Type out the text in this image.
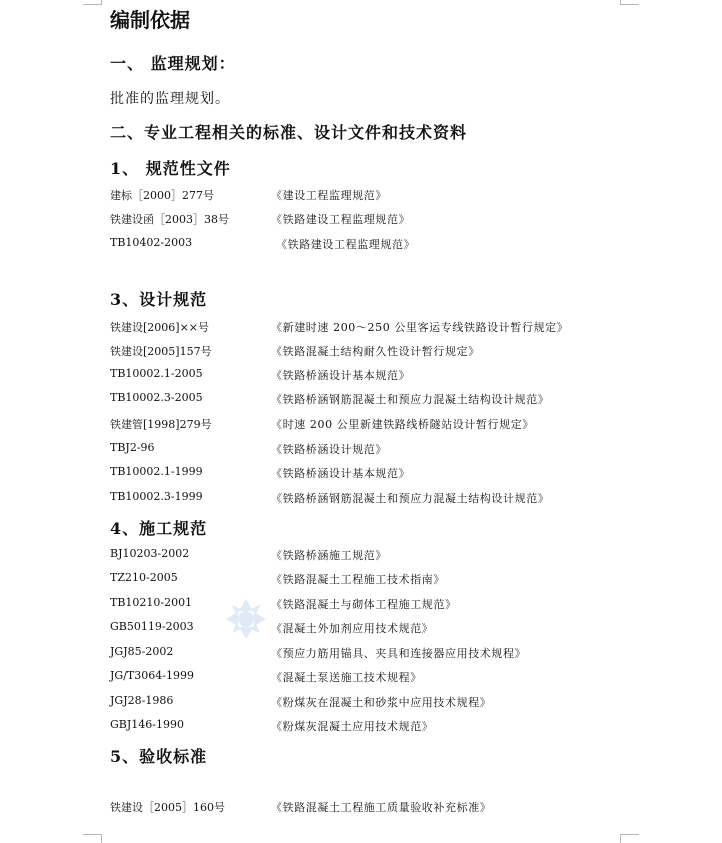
编制依据
一、 监理规划：
批准的监理规划。
二、专业工程相关的标准、设计文件和技术资料
1、 规范性文件
建标［2000］277号	《建设工程监理规范》
铁建设函［2003］38号	《铁路建设工程监理规范》
TB10402-2003	《铁路建设工程监理规范》
3、设计规范
铁建设[2006]××号	《新建时速 200～250 公里客运专线铁路设计暂行规定》
铁建设[2005]157号	《铁路混凝土结构耐久性设计暂行规定》
TB10002.1-2005	《铁路桥涵设计基本规范》
TB10002.3-2005	《铁路桥涵钢筋混凝土和预应力混凝土结构设计规范》
铁建管[1998]279号	《时速 200 公里新建铁路线桥隧站设计暂行规定》
TBJ2-96	《铁路桥涵设计规范》
TB10002.1-1999	《铁路桥涵设计基本规范》
TB10002.3-1999	《铁路桥涵钢筋混凝土和预应力混凝土结构设计规范》
4、施工规范
BJ10203-2002	《铁路桥涵施工规范》
TZ210-2005	《铁路混凝土工程施工技术指南》
TB10210-2001	《铁路混凝土与砌体工程施工规范》
GB50119-2003	《混凝土外加剂应用技术规范》
JGJ85-2002	《预应力筋用锚具、夹具和连接器应用技术规程》
JG/T3064-1999	《混凝土泵送施工技术规程》
JGJ28-1986	《粉煤灰在混凝土和砂浆中应用技术规程》
GBJ146-1990	《粉煤灰混凝土应用技术规范》
5、验收标准
铁建设［2005］160号	《铁路混凝土工程施工质量验收补充标准》
